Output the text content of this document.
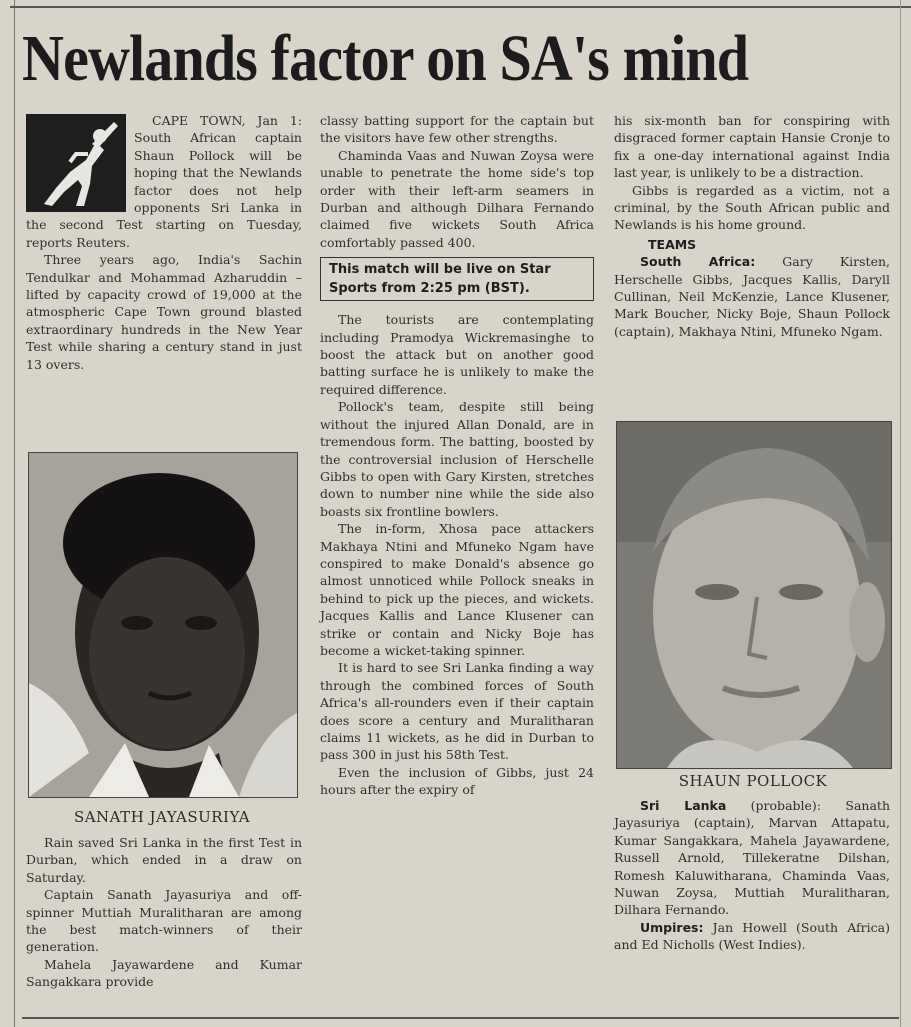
Newlands factor on SA's mind

CAPE TOWN, Jan 1: South African captain Shaun Pollock will be hoping that the Newlands factor does not help opponents Sri Lanka in the second Test starting on Tuesday, reports Reuters.

Three years ago, India's Sachin Tendulkar and Mohammad Azharuddin – lifted by capacity crowd of 19,000 at the atmospheric Cape Town ground blasted extraordinary hundreds in the New Year Test while sharing a century stand in just 13 overs.

SANATH JAYASURIYA

Rain saved Sri Lanka in the first Test in Durban, which ended in a draw on Saturday.

Captain Sanath Jayasuriya and off-spinner Muttiah Muralitharan are among the best match-winners of their generation.

Mahela Jayawardene and Kumar Sangakkara provide

classy batting support for the captain but the visitors have few other strengths.

Chaminda Vaas and Nuwan Zoysa were unable to penetrate the home side's top order with their left-arm seamers in Durban and although Dilhara Fernando claimed five wickets South Africa comfortably passed 400.

This match will be live on Star Sports from 2:25 pm (BST).

The tourists are contemplating including Pramodya Wickremasinghe to boost the attack but on another good batting surface he is unlikely to make the required difference.

Pollock's team, despite still being without the injured Allan Donald, are in tremendous form. The batting, boosted by the controversial inclusion of Herschelle Gibbs to open with Gary Kirsten, stretches down to number nine while the side also boasts six frontline bowlers.

The in-form, Xhosa pace attackers Makhaya Ntini and Mfuneko Ngam have conspired to make Donald's absence go almost unnoticed while Pollock sneaks in behind to pick up the pieces, and wickets. Jacques Kallis and Lance Klusener can strike or contain and Nicky Boje has become a wicket-taking spinner.

It is hard to see Sri Lanka finding a way through the combined forces of South Africa's all-rounders even if their captain does score a century and Muralitharan claims 11 wickets, as he did in Durban to pass 300 in just his 58th Test.

Even the inclusion of Gibbs, just 24 hours after the expiry of

his six-month ban for conspiring with disgraced former captain Hansie Cronje to fix a one-day international against India last year, is unlikely to be a distraction.

Gibbs is regarded as a victim, not a criminal, by the South African public and Newlands is his home ground.

TEAMS

South Africa: Gary Kirsten, Herschelle Gibbs, Jacques Kallis, Daryll Cullinan, Neil McKenzie, Lance Klusener, Mark Boucher, Nicky Boje, Shaun Pollock (captain), Makhaya Ntini, Mfuneko Ngam.

SHAUN POLLOCK

Sri Lanka (probable): Sanath Jayasuriya (captain), Marvan Attapatu, Kumar Sangakkara, Mahela Jayawardene, Russell Arnold, Tillekeratne Dilshan, Romesh Kaluwitharana, Chaminda Vaas, Nuwan Zoysa, Muttiah Muralitharan, Dilhara Fernando.

Umpires: Jan Howell (South Africa) and Ed Nicholls (West Indies).
